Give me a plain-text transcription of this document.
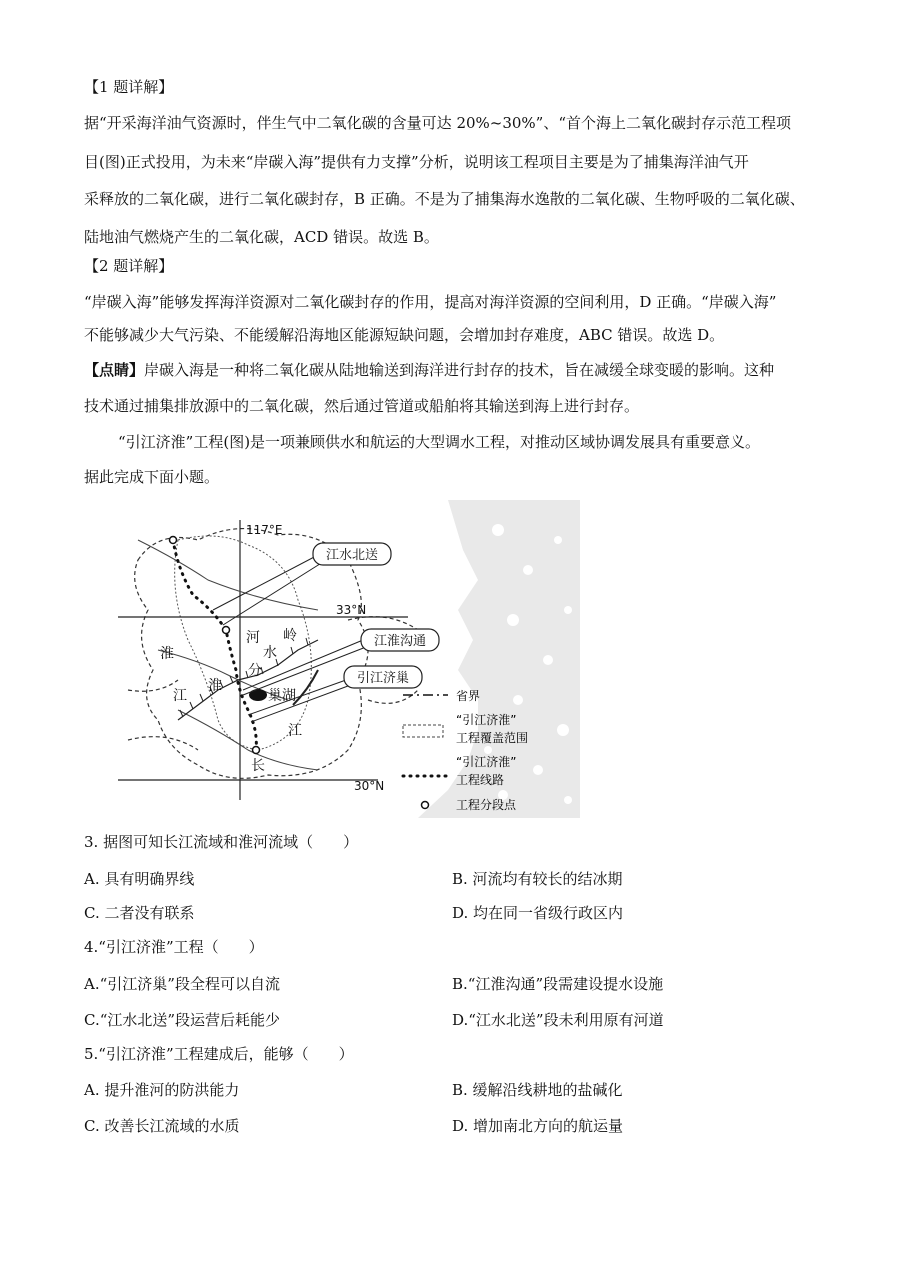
【1 题详解】
据“开采海洋油气资源时，伴生气中二氧化碳的含量可达 20%~30%”、“首个海上二氧化碳封存示范工程项
目(图)正式投用，为未来“岸碳入海”提供有力支撑”分析，说明该工程项目主要是为了捕集海洋油气开
采释放的二氧化碳，进行二氧化碳封存，B 正确。不是为了捕集海水逸散的二氧化碳、生物呼吸的二氧化碳、
陆地油气燃烧产生的二氧化碳，ACD 错误。故选 B。
【2 题详解】
“岸碳入海”能够发挥海洋资源对二氧化碳封存的作用，提高对海洋资源的空间利用，D 正确。“岸碳入海”
不能够减少大气污染、不能缓解沿海地区能源短缺问题，会增加封存难度，ABC 错误。故选 D。
【点睛】岸碳入海是一种将二氧化碳从陆地输送到海洋进行封存的技术，旨在减缓全球变暖的影响。这种
技术通过捕集排放源中的二氧化碳，然后通过管道或船舶将其输送到海上进行封存。
“引江济淮”工程(图)是一项兼顾供水和航运的大型调水工程，对推动区域协调发展具有重要意义。
据此完成下面小题。
江水北送
江淮沟通
引江济巢
117°E
33°N
30°N
淮
河 岭
水
分
淮
江	巢湖
江
长
省界
“引江济淮”
工程覆盖范围
“引江济淮”
工程线路
工程分段点
3. 据图可知长江流域和淮河流域（　　）
A. 具有明确界线	B. 河流均有较长的结冰期
C. 二者没有联系	D. 均在同一省级行政区内
4.“引江济淮”工程（　　）
A.“引江济巢”段全程可以自流	B.“江淮沟通”段需建设提水设施
C.“江水北送”段运营后耗能少	D.“江水北送”段未利用原有河道
5.“引江济淮”工程建成后，能够（　　）
A. 提升淮河的防洪能力	B. 缓解沿线耕地的盐碱化
C. 改善长江流域的水质	D. 增加南北方向的航运量
